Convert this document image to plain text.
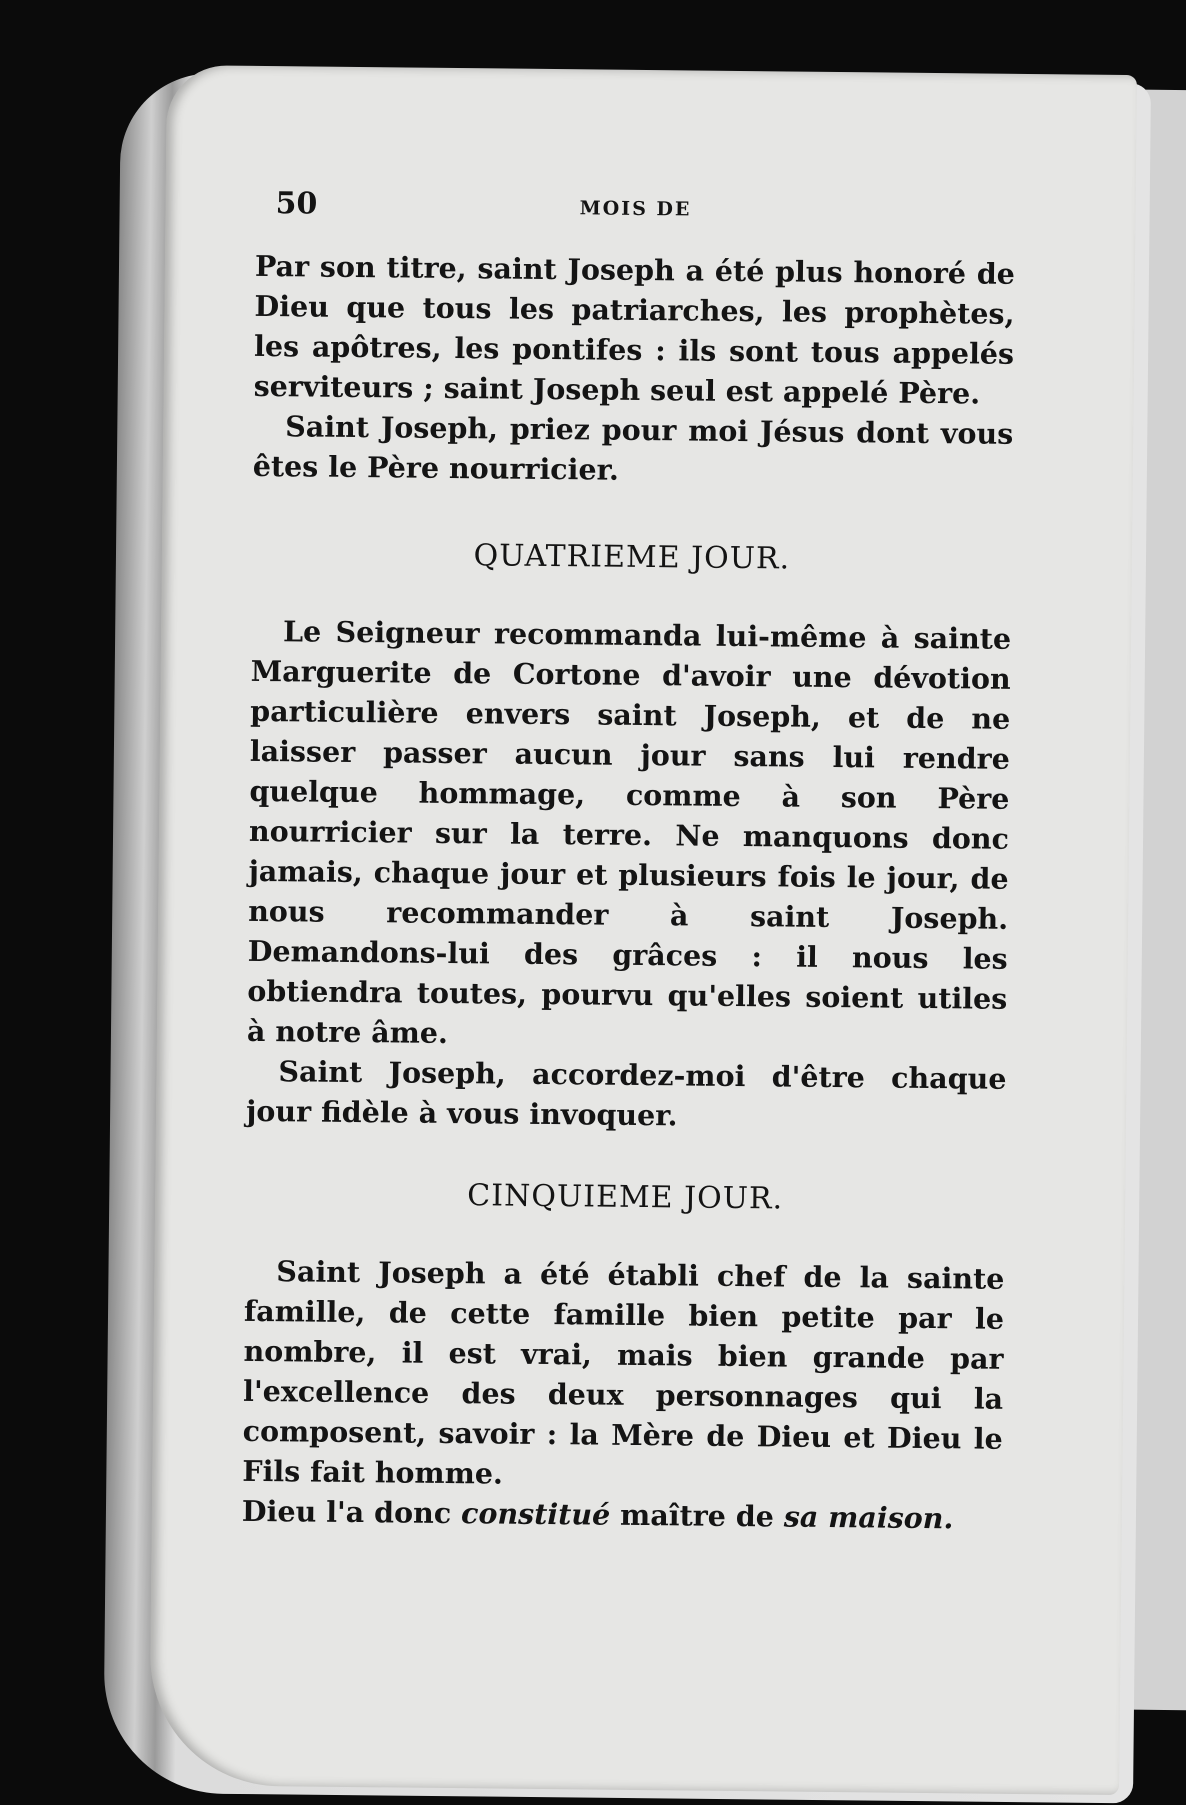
50	MOIS DE

Par son titre, saint Joseph a été plus honoré de Dieu que tous les patriarches, les prophètes, les apôtres, les pontifes : ils sont tous appelés serviteurs ; saint Joseph seul est appelé Père.

Saint Joseph, priez pour moi Jésus dont vous êtes le Père nourricier.

QUATRIEME JOUR.

Le Seigneur recommanda lui-même à sainte Marguerite de Cortone d'avoir une dévotion particulière envers saint Joseph, et de ne laisser passer aucun jour sans lui rendre quelque hommage, comme à son Père nourricier sur la terre. Ne manquons donc jamais, chaque jour et plusieurs fois le jour, de nous recommander à saint Joseph. Demandons-lui des grâces : il nous les obtiendra toutes, pourvu qu'elles soient utiles à notre âme.

Saint Joseph, accordez-moi d'être chaque jour fidèle à vous invoquer.

CINQUIEME JOUR.

Saint Joseph a été établi chef de la sainte famille, de cette famille bien petite par le nombre, il est vrai, mais bien grande par l'excellence des deux personnages qui la composent, savoir : la Mère de Dieu et Dieu le Fils fait homme.

Dieu l'a donc constitué maître de sa maison.
